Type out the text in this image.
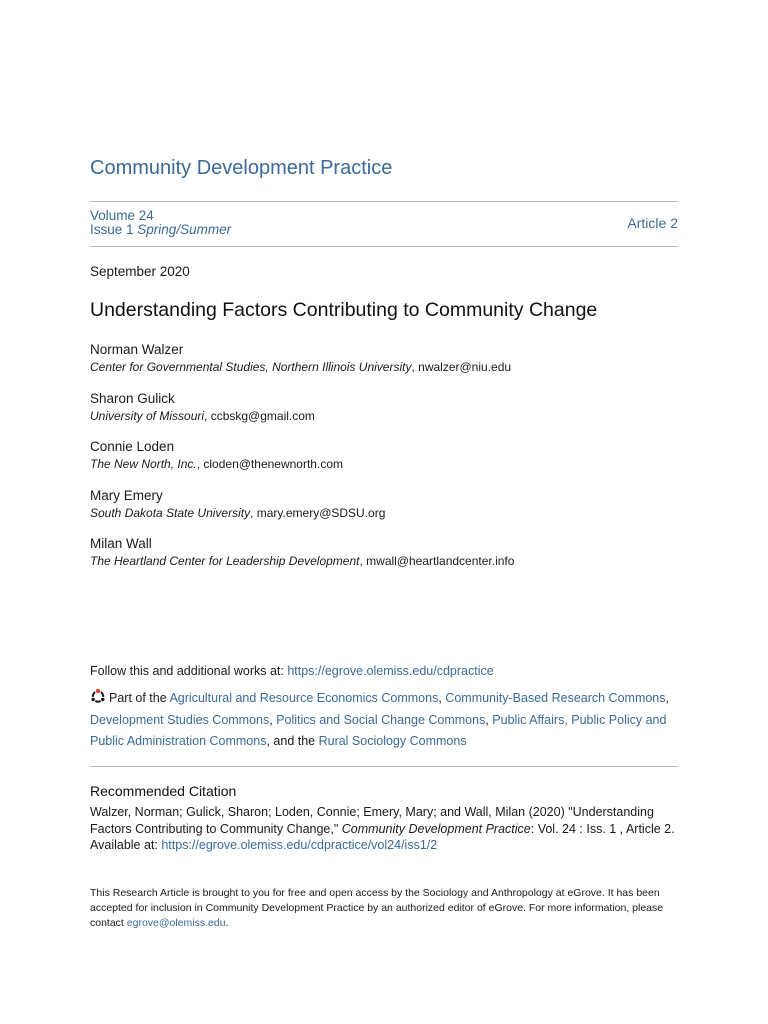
Community Development Practice
Volume 24
Issue 1 Spring/Summer	Article 2
September 2020
Understanding Factors Contributing to Community Change
Norman Walzer
Center for Governmental Studies, Northern Illinois University, nwalzer@niu.edu
Sharon Gulick
University of Missouri, ccbskg@gmail.com
Connie Loden
The New North, Inc., cloden@thenewnorth.com
Mary Emery
South Dakota State University, mary.emery@SDSU.org
Milan Wall
The Heartland Center for Leadership Development, mwall@heartlandcenter.info
Follow this and additional works at: https://egrove.olemiss.edu/cdpractice
Part of the Agricultural and Resource Economics Commons, Community-Based Research Commons, Development Studies Commons, Politics and Social Change Commons, Public Affairs, Public Policy and Public Administration Commons, and the Rural Sociology Commons
Recommended Citation
Walzer, Norman; Gulick, Sharon; Loden, Connie; Emery, Mary; and Wall, Milan (2020) "Understanding Factors Contributing to Community Change," Community Development Practice: Vol. 24 : Iss. 1 , Article 2.
Available at: https://egrove.olemiss.edu/cdpractice/vol24/iss1/2
This Research Article is brought to you for free and open access by the Sociology and Anthropology at eGrove. It has been accepted for inclusion in Community Development Practice by an authorized editor of eGrove. For more information, please contact egrove@olemiss.edu.
